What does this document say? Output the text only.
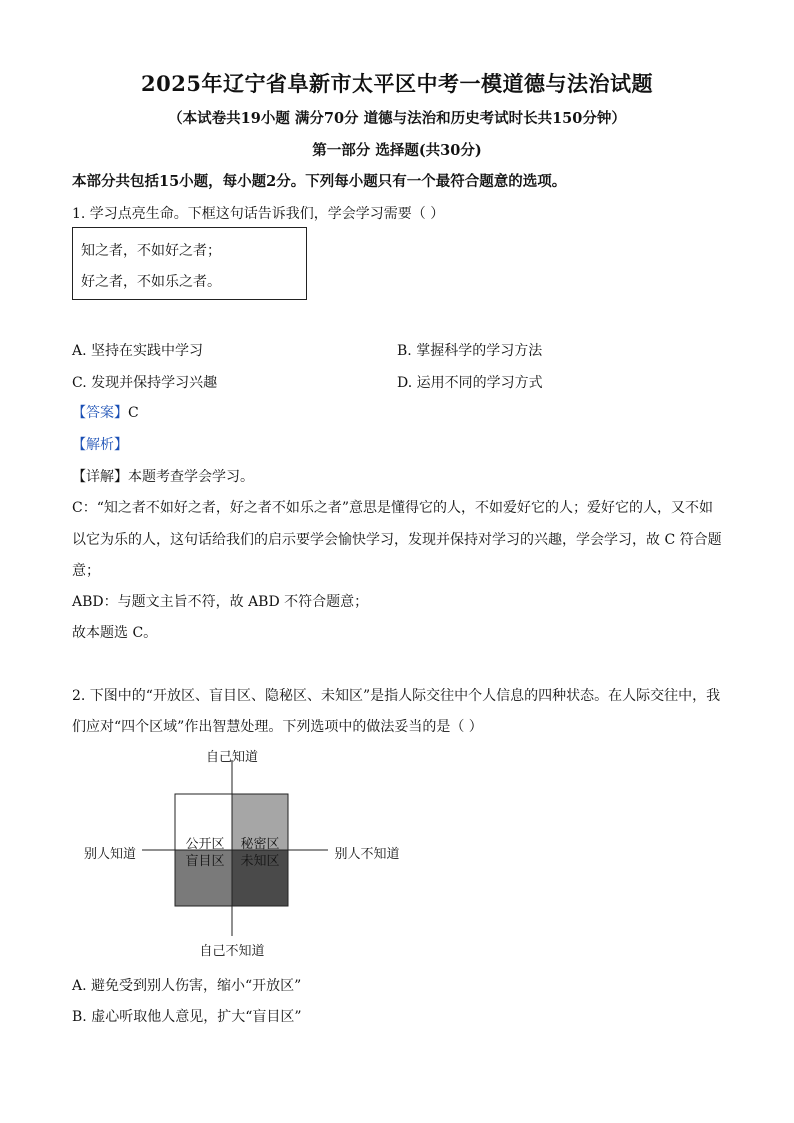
2025年辽宁省阜新市太平区中考一模道德与法治试题
（本试卷共19小题 满分70分 道德与法治和历史考试时长共150分钟）
第一部分 选择题(共30分)
本部分共包括15小题，每小题2分。下列每小题只有一个最符合题意的选项。
1. 学习点亮生命。下框这句话告诉我们，学会学习需要（ ）
知之者，不如好之者；
好之者，不如乐之者。
A. 坚持在实践中学习	B. 掌握科学的学习方法
C. 发现并保持学习兴趣	D. 运用不同的学习方式
【答案】C
【解析】
【详解】本题考查学会学习。
C：“知之者不如好之者，好之者不如乐之者”意思是懂得它的人，不如爱好它的人；爱好它的人，又不如
以它为乐的人，这句话给我们的启示要学会愉快学习，发现并保持对学习的兴趣，学会学习，故 C 符合题
意；
ABD：与题文主旨不符，故 ABD 不符合题意；
故本题选 C。
2. 下图中的“开放区、盲目区、隐秘区、未知区”是指人际交往中个人信息的四种状态。在人际交往中，我
们应对“四个区域”作出智慧处理。下列选项中的做法妥当的是（ ）
自己知道
自己不知道
别人知道	别人不知道
公开区	秘密区
盲目区	未知区
A. 避免受到别人伤害，缩小“开放区”
B. 虚心听取他人意见，扩大“盲目区”
